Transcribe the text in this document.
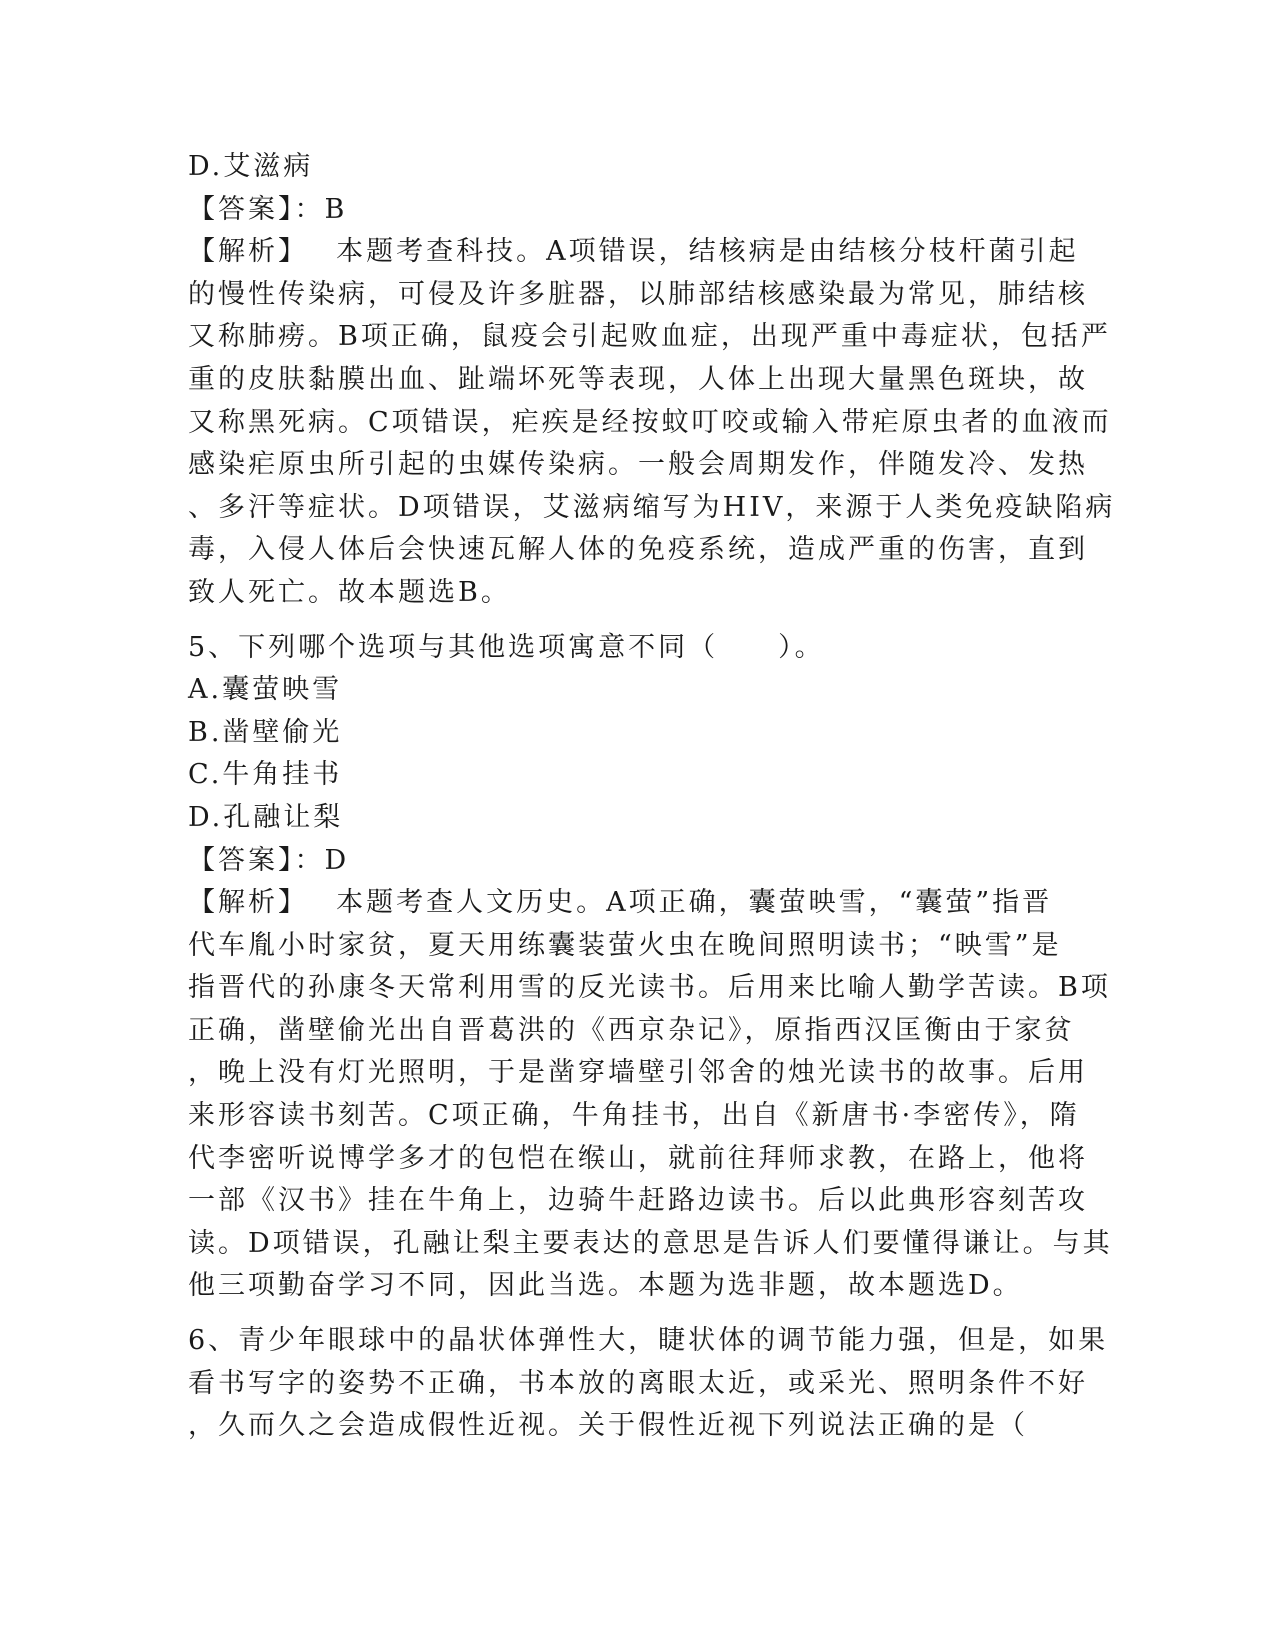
D.艾滋病
【答案】：B
【解析】　 本题考查科技。A项错误，结核病是由结核分枝杆菌引起
的慢性传染病，可侵及许多脏器，以肺部结核感染最为常见，肺结核
又称肺痨。B项正确，鼠疫会引起败血症，出现严重中毒症状，包括严
重的皮肤黏膜出血、趾端坏死等表现，人体上出现大量黑色斑块，故
又称黑死病。C项错误，疟疾是经按蚊叮咬或输入带疟原虫者的血液而
感染疟原虫所引起的虫媒传染病。一般会周期发作，伴随发冷、发热
、多汗等症状。D项错误，艾滋病缩写为HIV，来源于人类免疫缺陷病
毒，入侵人体后会快速瓦解人体的免疫系统，造成严重的伤害，直到
致人死亡。故本题选B。
5、下列哪个选项与其他选项寓意不同（　　）。
A.囊萤映雪
B.凿壁偷光
C.牛角挂书
D.孔融让梨
【答案】：D
【解析】　 本题考查人文历史。A项正确，囊萤映雪，“囊萤”指晋
代车胤小时家贫，夏天用练囊装萤火虫在晚间照明读书；“映雪”是
指晋代的孙康冬天常利用雪的反光读书。后用来比喻人勤学苦读。B项
正确，凿壁偷光出自晋葛洪的《西京杂记》，原指西汉匡衡由于家贫
，晚上没有灯光照明，于是凿穿墙壁引邻舍的烛光读书的故事。后用
来形容读书刻苦。C项正确，牛角挂书，出自《新唐书·李密传》，隋
代李密听说博学多才的包恺在缑山，就前往拜师求教，在路上，他将
一部《汉书》挂在牛角上，边骑牛赶路边读书。后以此典形容刻苦攻
读。D项错误，孔融让梨主要表达的意思是告诉人们要懂得谦让。与其
他三项勤奋学习不同，因此当选。本题为选非题，故本题选D。
6、青少年眼球中的晶状体弹性大，睫状体的调节能力强，但是，如果
看书写字的姿势不正确，书本放的离眼太近，或采光、照明条件不好
，久而久之会造成假性近视。关于假性近视下列说法正确的是（
